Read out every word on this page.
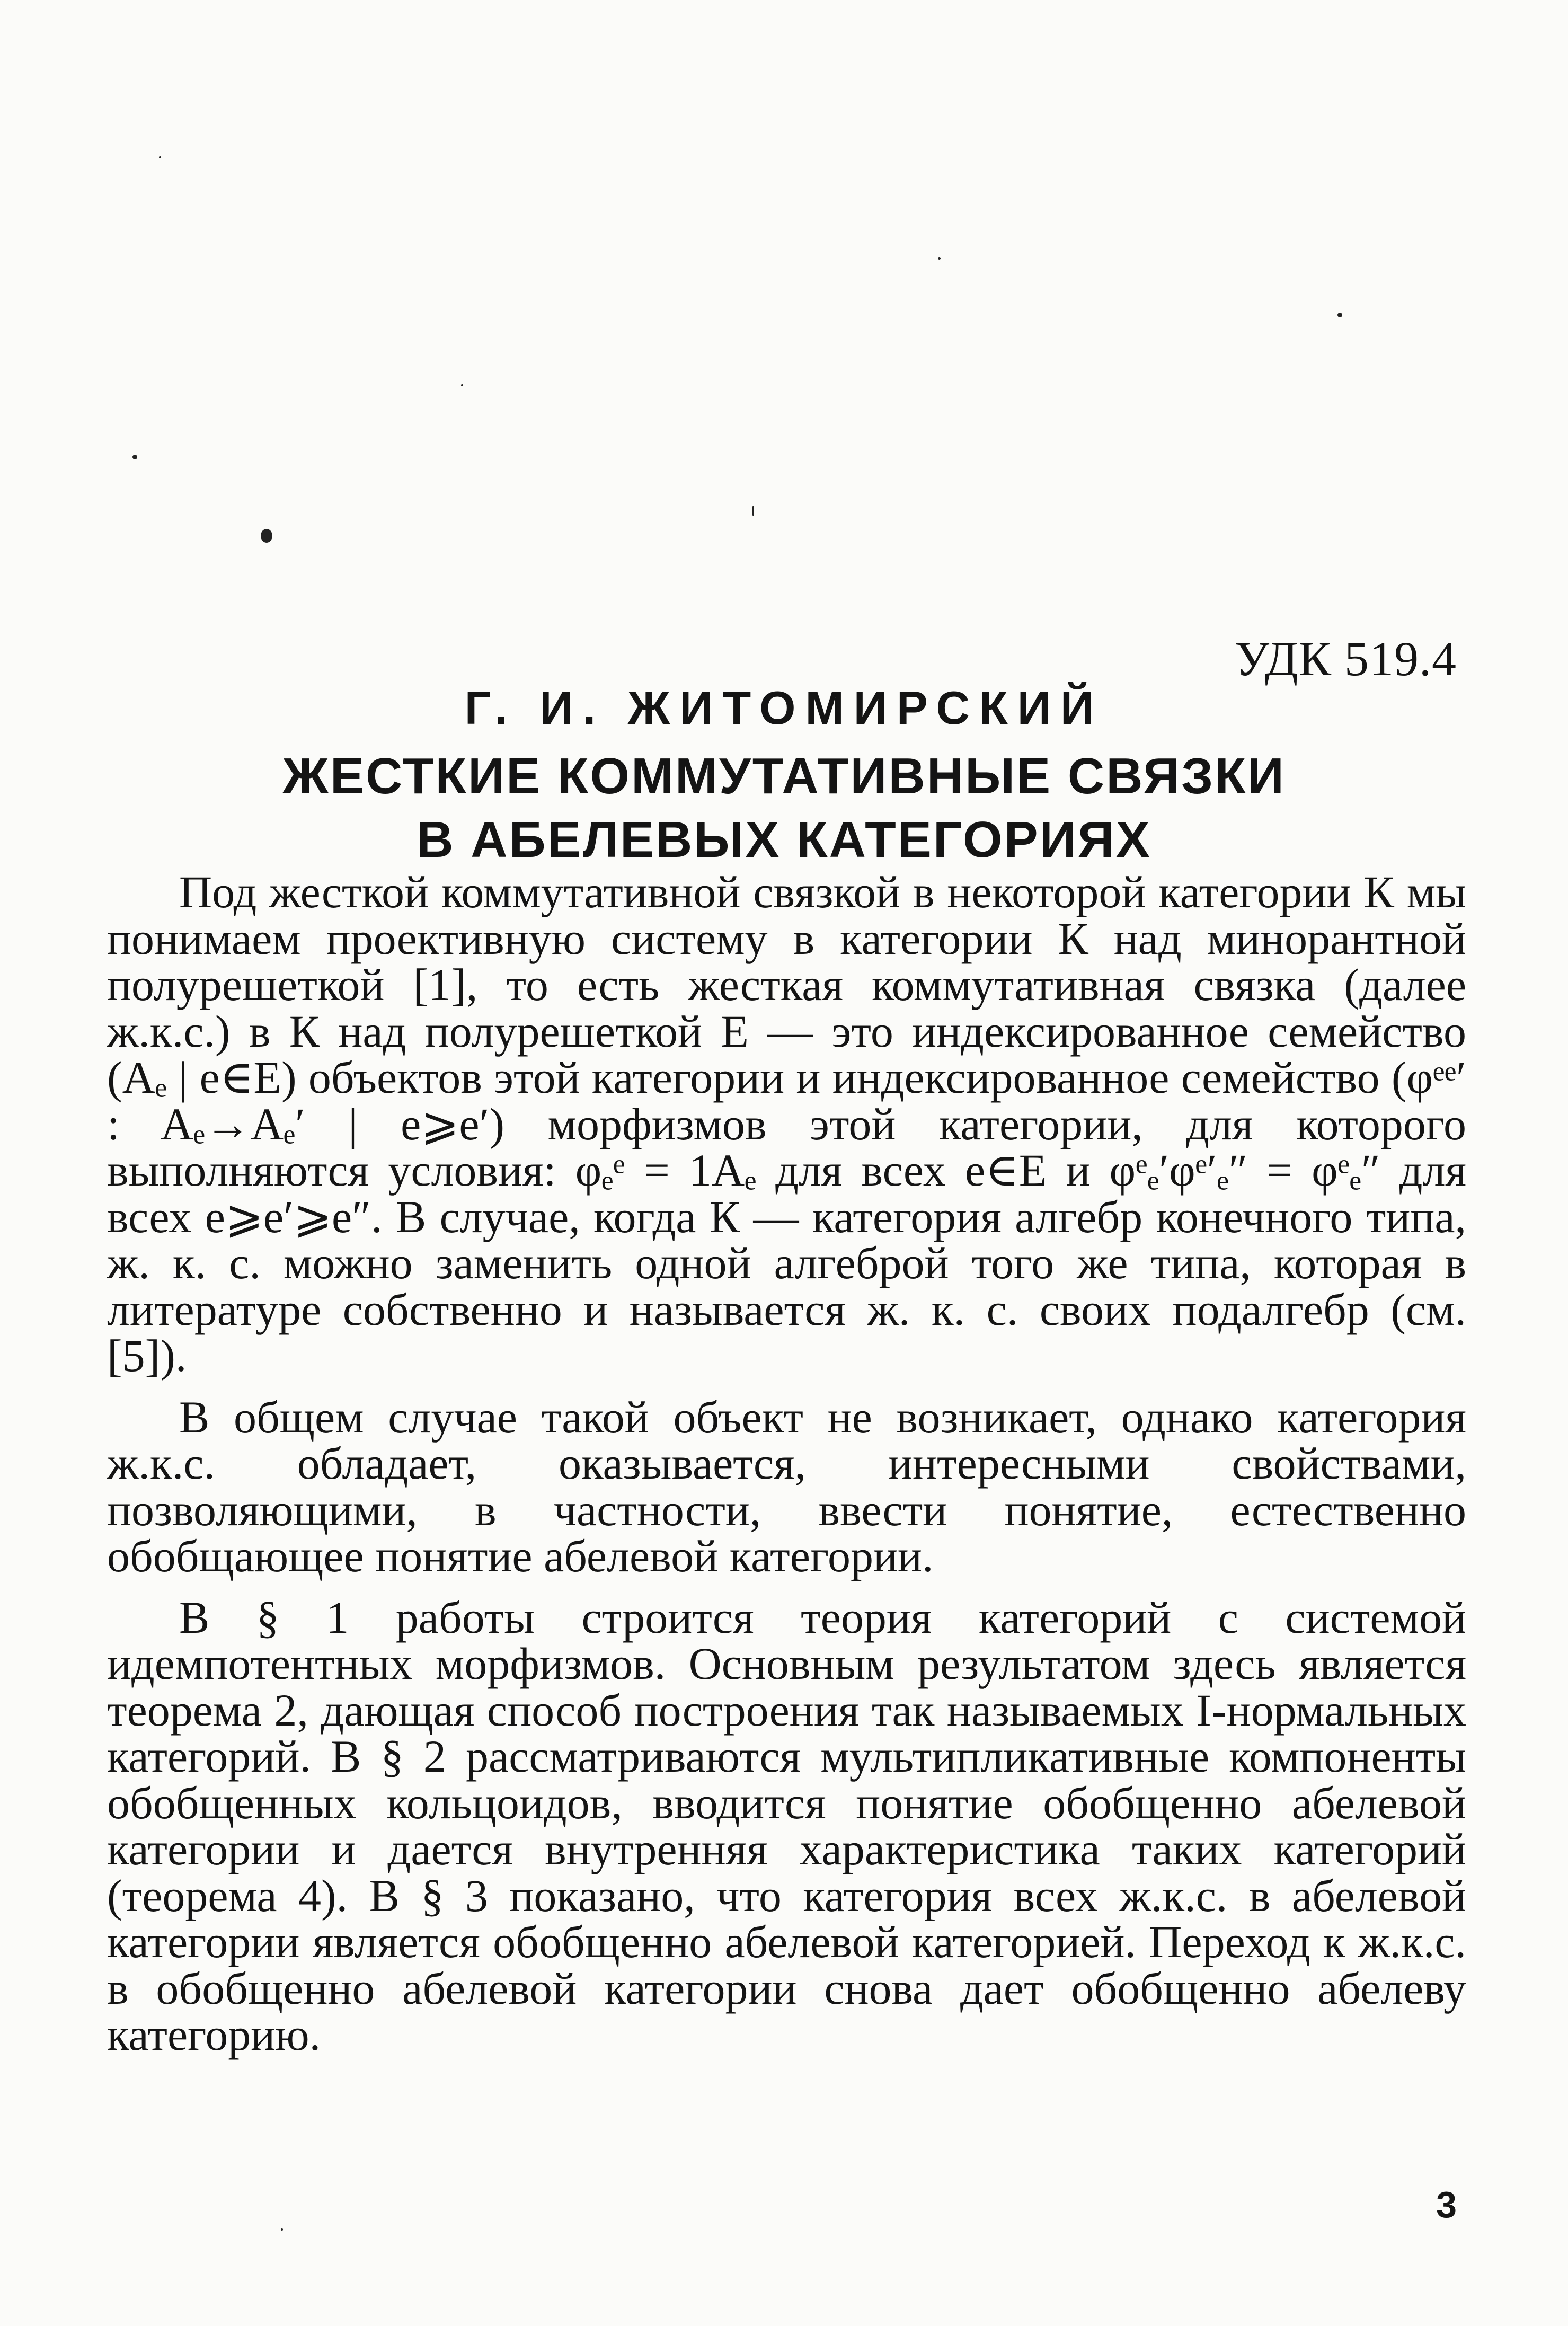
УДК 519.4
Г. И. ЖИТОМИРСКИЙ
ЖЕСТКИЕ КОММУТАТИВНЫЕ СВЯЗКИ
В АБЕЛЕВЫХ КАТЕГОРИЯХ

Под жесткой коммутативной связкой в некоторой категории К мы понимаем проективную систему в категории К над минорантной полурешеткой [1], то есть жесткая коммутативная связка (далее ж.к.с.) в К над полурешеткой E — это индексированное семейство (Aₑ | e∈E) объектов этой категории и индексированное семейство (φᵉᵉ′ : Aₑ→Aₑ′ | e⩾e′) морфизмов этой категории, для которого выполняются условия: φₑᵉ = 1Aₑ для всех e∈E и φᵉₑ′φᵉ′ₑ″ = φᵉₑ″ для всех e⩾e′⩾e″. В случае, когда К — категория алгебр конечного типа, ж. к. с. можно заменить одной алгеброй того же типа, которая в литературе собственно и называется ж. к. с. своих подалгебр (см. [5]).

В общем случае такой объект не возникает, однако категория ж.к.с. обладает, оказывается, интересными свойствами, позволяющими, в частности, ввести понятие, естественно обобщающее понятие абелевой категории.

В § 1 работы строится теория категорий с системой идемпотентных морфизмов. Основным результатом здесь является теорема 2, дающая способ построения так называемых I-нормальных категорий. В § 2 рассматриваются мультипликативные компоненты обобщенных кольцоидов, вводится понятие обобщенно абелевой категории и дается внутренняя характеристика таких категорий (теорема 4). В § 3 показано, что категория всех ж.к.с. в абелевой категории является обобщенно абелевой категорией. Переход к ж.к.с. в обобщенно абелевой категории снова дает обобщенно абелеву категорию.

3
